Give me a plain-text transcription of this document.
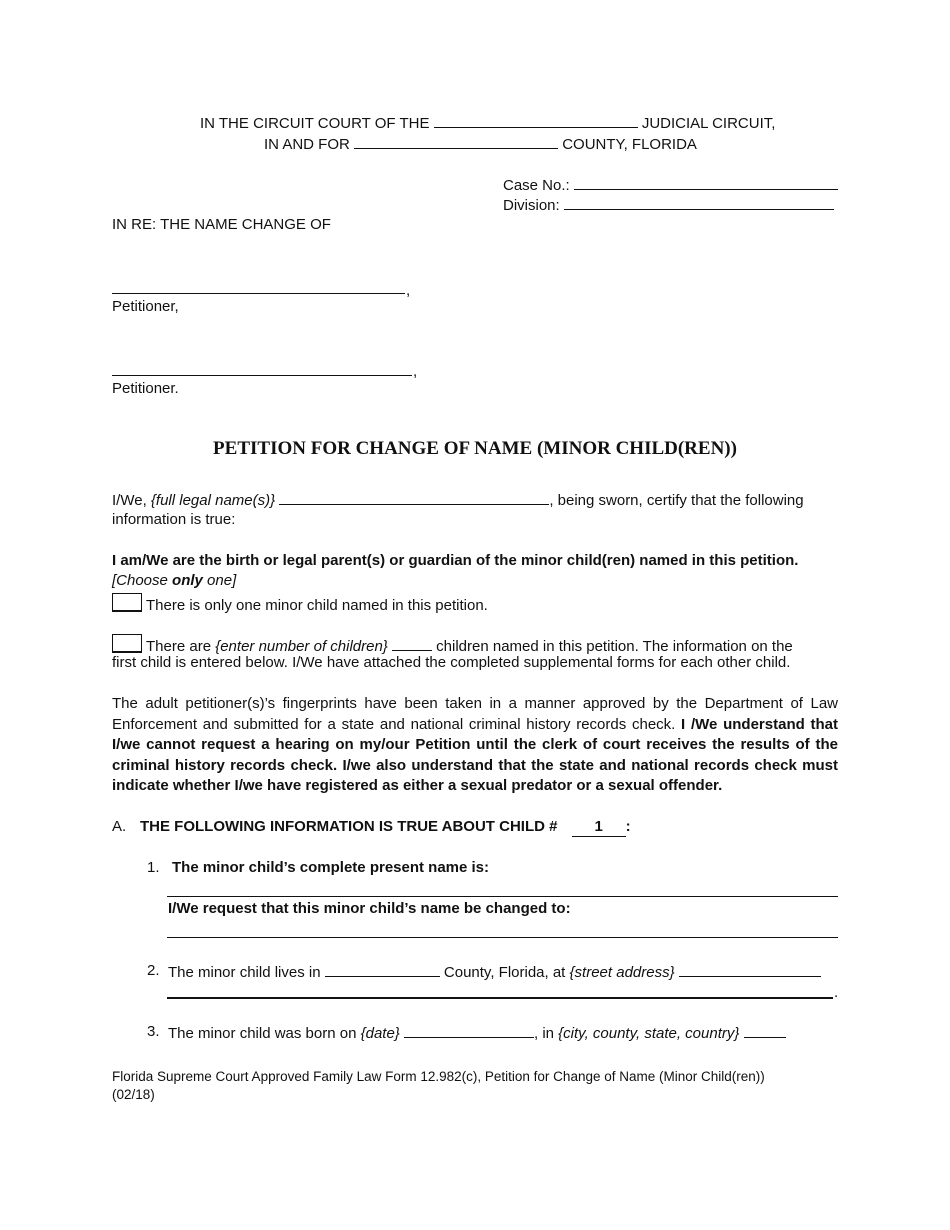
IN THE CIRCUIT COURT OF THE	JUDICIAL CIRCUIT,
IN AND FOR	COUNTY, FLORIDA
Case No.:
Division:
IN RE: THE NAME CHANGE OF
,
Petitioner,
,
Petitioner.
PETITION FOR CHANGE OF NAME (MINOR CHILD(REN))
I/We, {full legal name(s)}	, being sworn, certify that the following
information is true:
I am/We are the birth or legal parent(s) or guardian of the minor child(ren) named in this petition.
[Choose only one]
There is only one minor child named in this petition.
There are {enter number of children}	children named in this petition. The information on the
first child is entered below. I/We have attached the completed supplemental forms for each other child.
The adult petitioner(s)’s fingerprints have been taken in a manner approved by the Department of Law Enforcement and submitted for a state and national criminal history records check. I /We understand that I/we cannot request a hearing on my/our Petition until the clerk of court receives the results of the criminal history records check. I/we also understand that the state and national records check must indicate whether I/we have registered as either a sexual predator or a sexual offender.
A. THE FOLLOWING INFORMATION IS TRUE ABOUT CHILD # 1 :
1. The minor child’s complete present name is:
I/We request that this minor child’s name be changed to:
2. The minor child lives in	County, Florida, at {street address}
.
3. The minor child was born on {date}	, in {city, county, state, country}
Florida Supreme Court Approved Family Law Form 12.982(c), Petition for Change of Name (Minor Child(ren))
(02/18)
